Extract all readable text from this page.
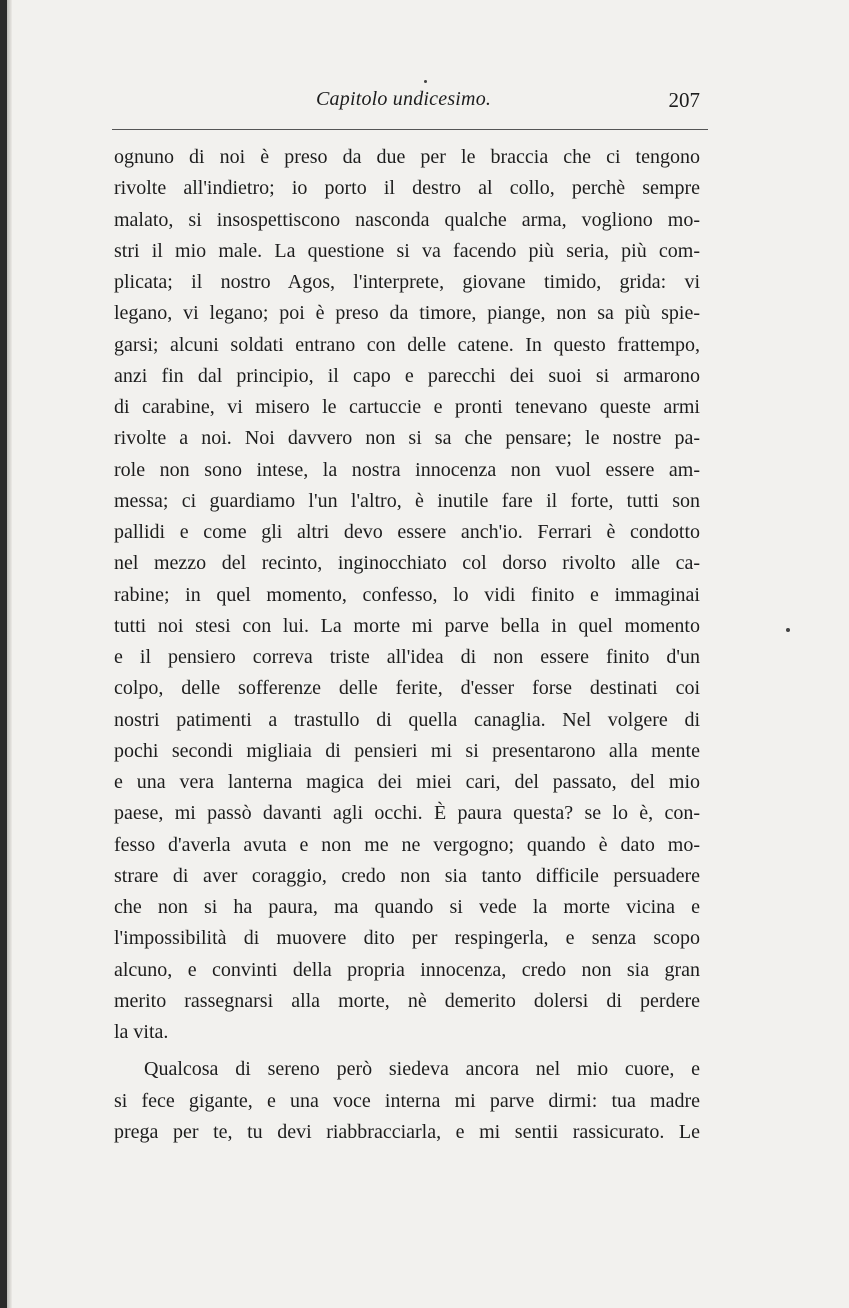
Capitolo undicesimo.	207
ognuno di noi è preso da due per le braccia che ci tengono
rivolte all'indietro; io porto il destro al collo, perchè sempre
malato, si insospettiscono nasconda qualche arma, vogliono mo-
stri il mio male. La questione si va facendo più seria, più com-
plicata; il nostro Agos, l'interprete, giovane timido, grida: vi
legano, vi legano; poi è preso da timore, piange, non sa più spie-
garsi; alcuni soldati entrano con delle catene. In questo frattempo,
anzi fin dal principio, il capo e parecchi dei suoi si armarono
di carabine, vi misero le cartuccie e pronti tenevano queste armi
rivolte a noi. Noi davvero non si sa che pensare; le nostre pa-
role non sono intese, la nostra innocenza non vuol essere am-
messa; ci guardiamo l'un l'altro, è inutile fare il forte, tutti son
pallidi e come gli altri devo essere anch'io. Ferrari è condotto
nel mezzo del recinto, inginocchiato col dorso rivolto alle ca-
rabine; in quel momento, confesso, lo vidi finito e immaginai
tutti noi stesi con lui. La morte mi parve bella in quel momento
e il pensiero correva triste all'idea di non essere finito d'un
colpo, delle sofferenze delle ferite, d'esser forse destinati coi
nostri patimenti a trastullo di quella canaglia. Nel volgere di
pochi secondi migliaia di pensieri mi si presentarono alla mente
e una vera lanterna magica dei miei cari, del passato, del mio
paese, mi passò davanti agli occhi. È paura questa? se lo è, con-
fesso d'averla avuta e non me ne vergogno; quando è dato mo-
strare di aver coraggio, credo non sia tanto difficile persuadere
che non si ha paura, ma quando si vede la morte vicina e
l'impossibilità di muovere dito per respingerla, e senza scopo
alcuno, e convinti della propria innocenza, credo non sia gran
merito rassegnarsi alla morte, nè demerito dolersi di perdere
la vita.
Qualcosa di sereno però siedeva ancora nel mio cuore, e
si fece gigante, e una voce interna mi parve dirmi: tua madre
prega per te, tu devi riabbracciarla, e mi sentii rassicurato. Le
